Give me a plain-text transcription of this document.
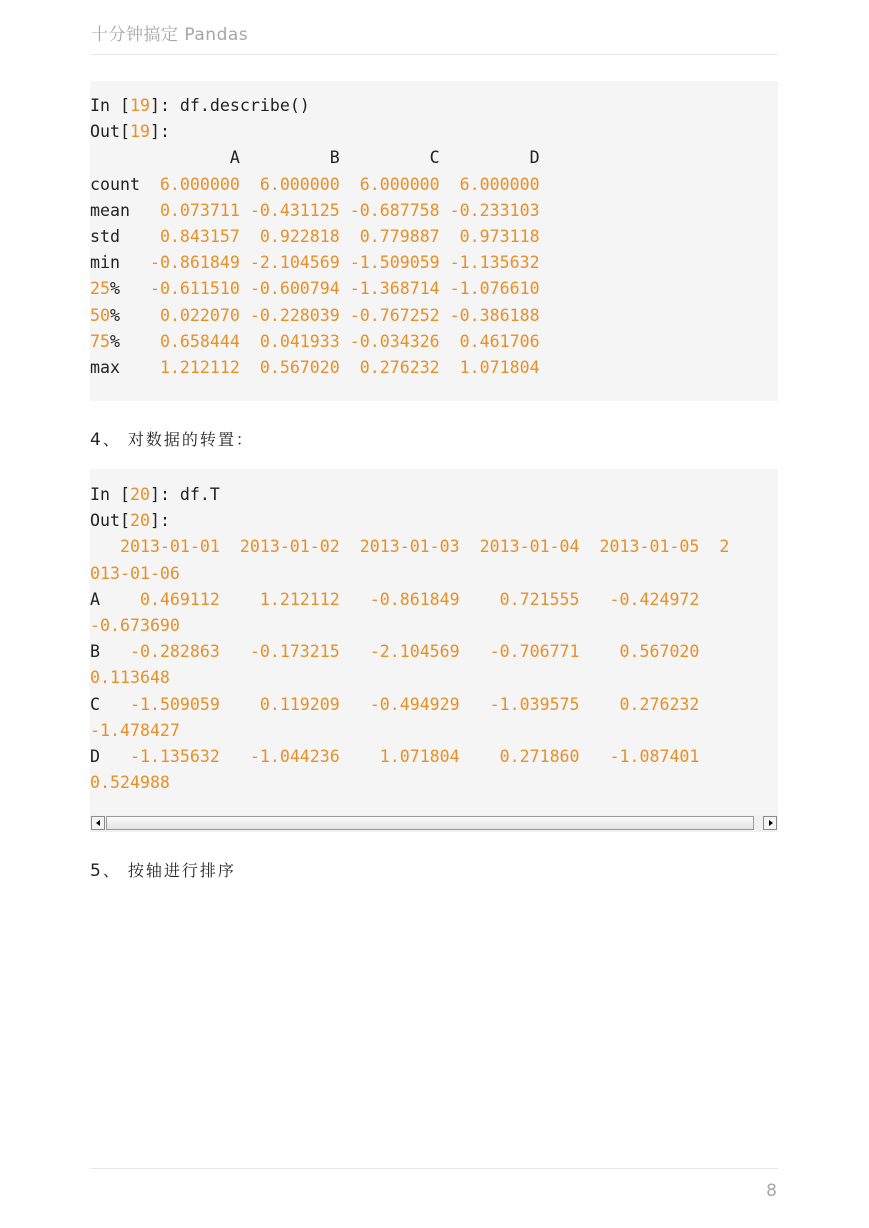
十分钟搞定 Pandas
In [19]: df.describe()
Out[19]:
A         B         C         D
count  6.000000  6.000000  6.000000  6.000000
mean   0.073711 -0.431125 -0.687758 -0.233103
std    0.843157  0.922818  0.779887  0.973118
min   -0.861849 -2.104569 -1.509059 -1.135632
25%   -0.611510 -0.600794 -1.368714 -1.076610
50%    0.022070 -0.228039 -0.767252 -0.386188
75%    0.658444  0.041933 -0.034326  0.461706
max    1.212112  0.567020  0.276232  1.071804
4 、 对数据的转置：
In [20]: df.T
Out[20]:
2013-01-01  2013-01-02  2013-01-03  2013-01-04  2013-01-05  2
013-01-06
A    0.469112    1.212112   -0.861849    0.721555   -0.424972
-0.673690
B   -0.282863   -0.173215   -2.104569   -0.706771    0.567020
0.113648
C   -1.509059    0.119209   -0.494929   -1.039575    0.276232
-1.478427
D   -1.135632   -1.044236    1.071804    0.271860   -1.087401
0.524988
5 、 按轴进行排序
8
